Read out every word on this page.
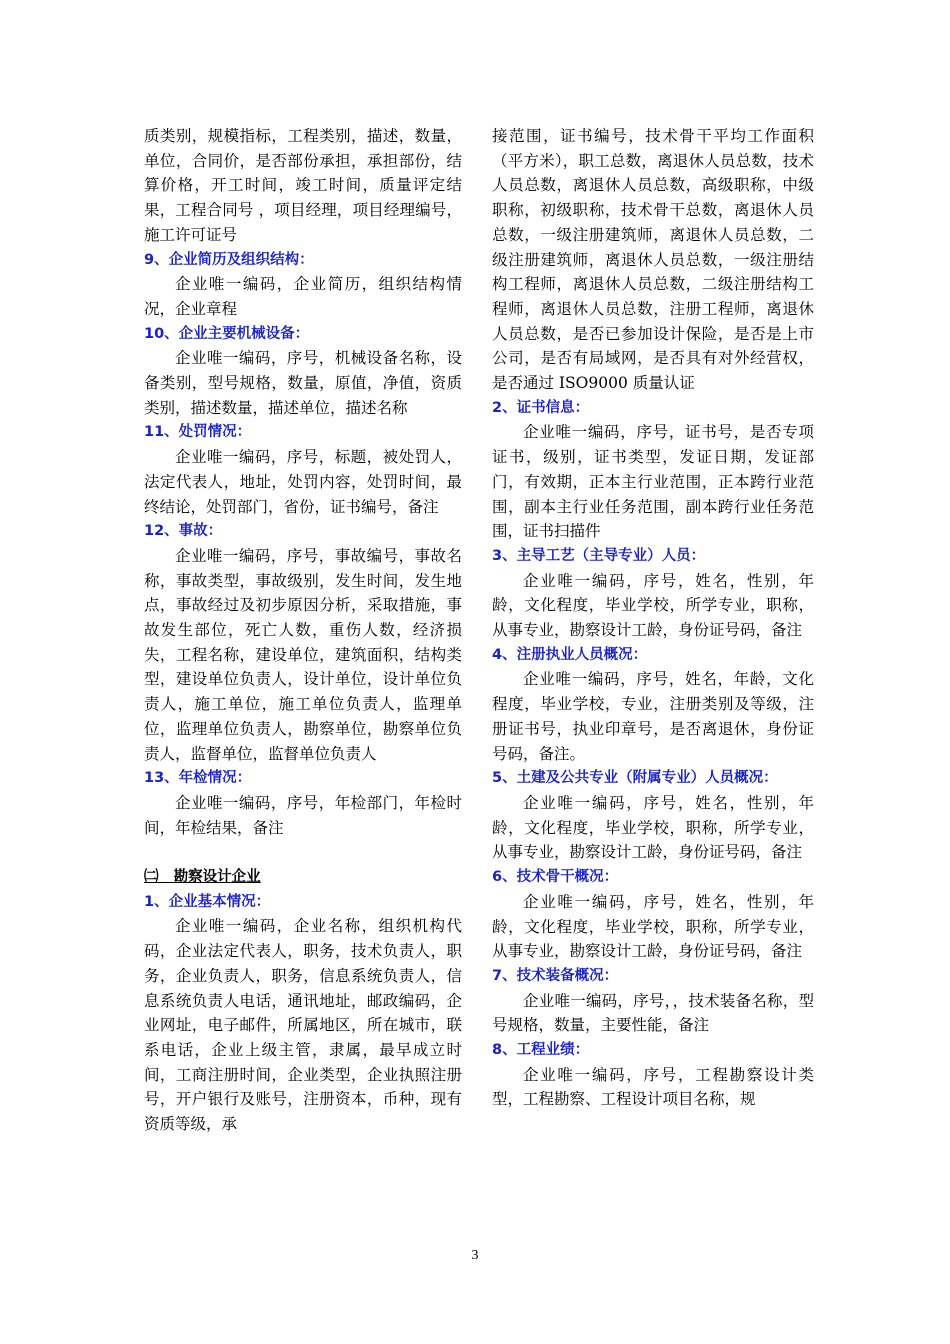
质类别，规模指标，工程类别，描述，数量，单位，合同价，是否部份承担，承担部份，结算价格，开工时间，竣工时间，质量评定结果，工程合同号 ，项目经理，项目经理编号，施工许可证号

9、企业简历及组织结构：

企业唯一编码，企业简历，组织结构情况，企业章程

10、企业主要机械设备：

企业唯一编码，序号，机械设备名称，设备类别，型号规格，数量，原值，净值，资质类别，描述数量，描述单位，描述名称

11、处罚情况：

企业唯一编码，序号，标题，被处罚人，法定代表人，地址，处罚内容，处罚时间，最终结论，处罚部门，省份，证书编号，备注

12、事故：

企业唯一编码，序号，事故编号，事故名称，事故类型，事故级别，发生时间，发生地点，事故经过及初步原因分析，采取措施，事故发生部位，死亡人数，重伤人数，经济损失，工程名称，建设单位，建筑面积，结构类型，建设单位负责人，设计单位，设计单位负责人，施工单位，施工单位负责人，监理单位，监理单位负责人，勘察单位，勘察单位负责人，监督单位，监督单位负责人

13、年检情况：

企业唯一编码，序号，年检部门，年检时间，年检结果，备注

㈡ 勘察设计企业

1、企业基本情况：

企业唯一编码，企业名称，组织机构代码，企业法定代表人，职务，技术负责人，职务，企业负责人，职务，信息系统负责人，信息系统负责人电话，通讯地址，邮政编码，企业网址，电子邮件，所属地区，所在城市，联系电话，企业上级主管，隶属，最早成立时间，工商注册时间，企业类型，企业执照注册号，开户银行及账号，注册资本，币种，现有资质等级，承

接范围，证书编号，技术骨干平均工作面积（平方米），职工总数，离退休人员总数，技术人员总数，离退休人员总数，高级职称，中级职称，初级职称，技术骨干总数，离退休人员总数，一级注册建筑师，离退休人员总数，二级注册建筑师，离退休人员总数，一级注册结构工程师，离退休人员总数，二级注册结构工程师，离退休人员总数，注册工程师，离退休人员总数，是否已参加设计保险，是否是上市公司，是否有局域网，是否具有对外经营权，是否通过 ISO9000 质量认证

2、证书信息：

企业唯一编码，序号，证书号，是否专项证书，级别，证书类型，发证日期，发证部门，有效期，正本主行业范围，正本跨行业范围，副本主行业任务范围，副本跨行业任务范围，证书扫描件

3、主导工艺（主导专业）人员：

企业唯一编码，序号，姓名，性别，年龄，文化程度，毕业学校，所学专业，职称，从事专业，勘察设计工龄，身份证号码，备注

4、注册执业人员概况：

企业唯一编码，序号，姓名，年龄，文化程度，毕业学校，专业，注册类别及等级，注册证书号，执业印章号，是否离退休，身份证号码，备注。

5、土建及公共专业（附属专业）人员概况：

企业唯一编码，序号，姓名，性别，年龄，文化程度，毕业学校，职称，所学专业，从事专业，勘察设计工龄，身份证号码，备注

6、技术骨干概况：

企业唯一编码，序号，姓名，性别，年龄，文化程度，毕业学校，职称，所学专业，从事专业，勘察设计工龄，身份证号码，备注

7、技术装备概况：

企业唯一编码，序号，，技术装备名称，型号规格，数量，主要性能，备注

8、工程业绩：

企业唯一编码，序号，工程勘察设计类型，工程勘察、工程设计项目名称，规

3
